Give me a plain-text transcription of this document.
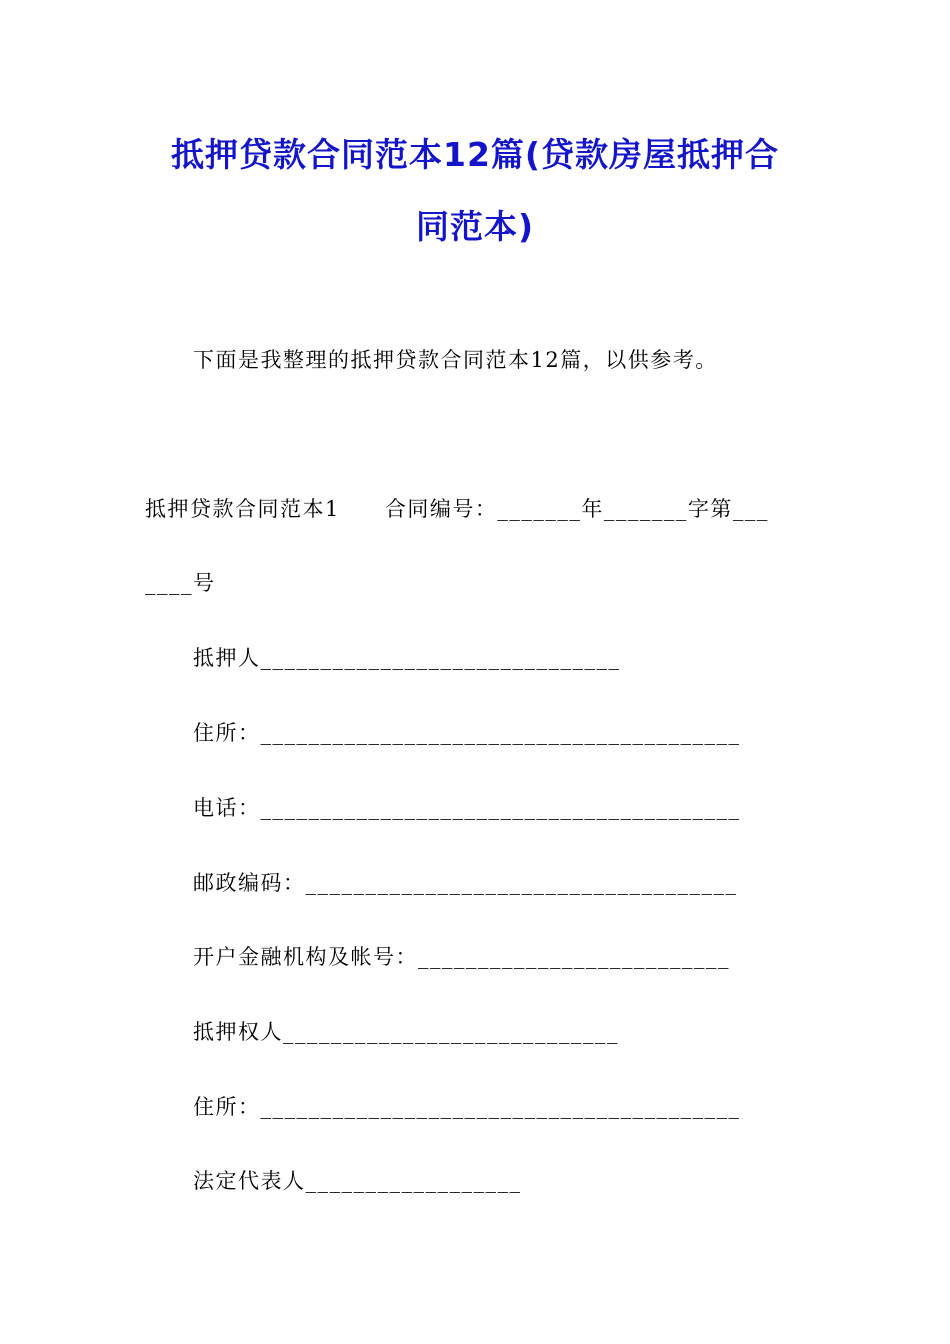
抵押贷款合同范本12篇(贷款房屋抵押合
同范本)
下面是我整理的抵押贷款合同范本12篇，以供参考。
抵押贷款合同范本1　　合同编号：_______年_______字第___
____号
抵押人______________________________
住所：________________________________________
电话：________________________________________
邮政编码：____________________________________
开户金融机构及帐号：__________________________
抵押权人____________________________
住所：________________________________________
法定代表人__________________
